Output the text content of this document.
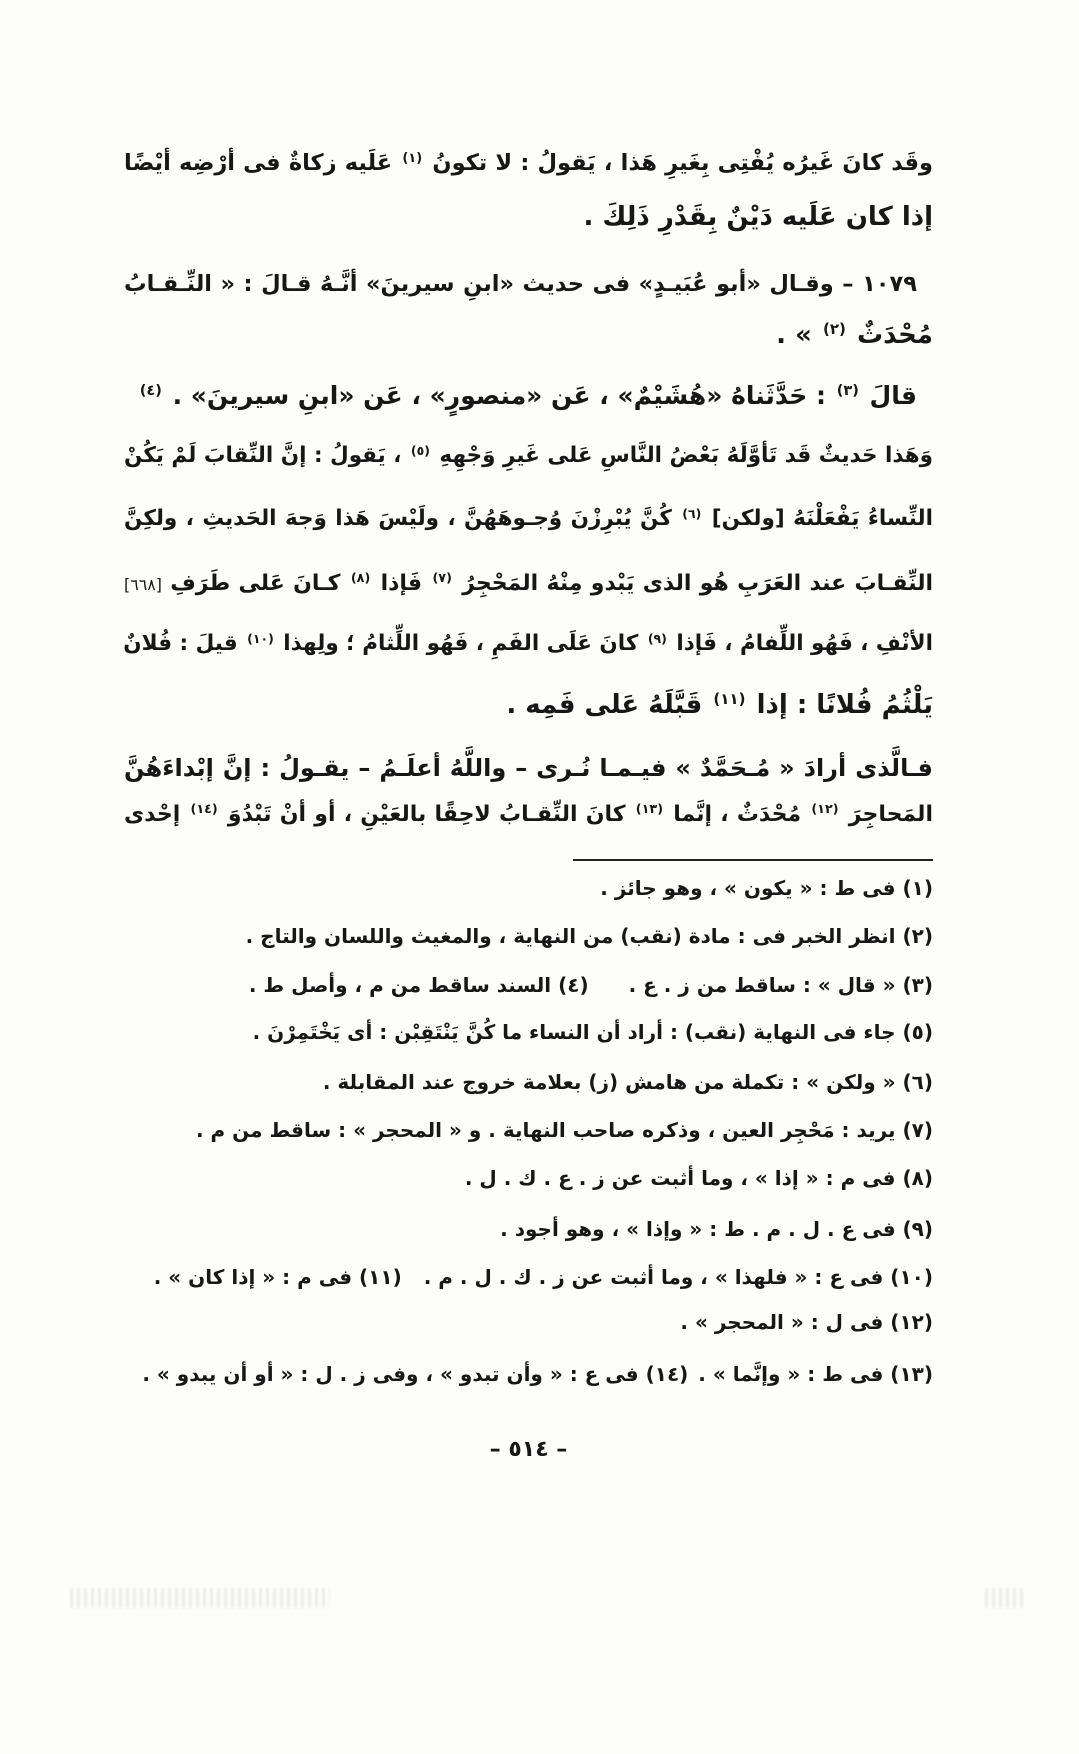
وقَد كانَ غَيرُه يُفْتِى بِغَيرِ هَذا ، يَقولُ : لا تكونُ $^{(١)}$ عَلَيه زكاةٌ فى أرْضِه أيْضًا
إذا كان عَلَيه دَيْنٌ بِقَدْرِ ذَلِكَ .
١٠٧٩ – وقـال «أبو عُبَيـدٍ» فى حديث «ابنِ سيرينَ» أنَّـهُ قـالَ : « النِّـقـابُ
مُحْدَثٌ $^{(٢)}$ » .
قالَ $^{(٣)}$ : حَدَّثَناهُ «هُشَيْمٌ» ، عَن «منصورٍ» ، عَن «ابنِ سيرينَ» . $^{(٤)}$
وَهَذا حَديثٌ قَد تَأوَّلَهُ بَعْضُ النَّاسِ عَلى غَيرِ وَجْهِهِ $^{(٥)}$ ، يَقولُ : إنَّ النِّقابَ لَمْ يَكُنْ
النِّساءُ يَفْعَلْنَهُ [ولكن] $^{(٦)}$ كُنَّ يُبْرِزْنَ وُجـوهَهُنَّ ، ولَيْسَ هَذا وَجهَ الحَديثِ ، ولكِنَّ
النِّقـابَ عند العَرَبِ هُو الذى يَبْدو مِنْهُ المَحْجِرُ $^{(٧)}$ فَإذا $^{(٨)}$ كـانَ عَلى طَرَفِ [٦٦٨]
الأنْفِ ، فَهُو اللِّفامُ ، فَإذا $^{(٩)}$ كانَ عَلَى الفَمِ ، فَهُو اللِّثامُ ؛ ولِهذا $^{(١٠)}$ قيلَ : فُلانٌ
يَلْثُمُ فُلانًا : إذا $^{(١١)}$ قَبَّلَهُ عَلى فَمِه .
فـالَّذى أرادَ « مُـحَمَّدٌ » فيـمـا نُـرى – واللَّهُ أعلَـمُ – يقـولُ : إنَّ إبْداءَهُنَّ
المَحاجِرَ $^{(١٢)}$ مُحْدَثٌ ، إنَّما $^{(١٣)}$ كانَ النِّقـابُ لاحِقًا بالعَيْنِ ، أو أنْ تَبْدُوَ $^{(١٤)}$ إحْدى
(١) فى ط : « يكون » ، وهو جائز .
(٢) انظر الخبر فى : مادة (نقب) من النهاية ، والمغيث واللسان والتاج .
(٣) « قال » : ساقط من ز . ع .
(٤) السند ساقط من م ، وأصل ط .
(٥) جاء فى النهاية (نقب) : أراد أن النساء ما كُنَّ يَنْتَقِبْن : أى يَخْتَمِرْنَ .
(٦) « ولكن » : تكملة من هامش (ز) بعلامة خروج عند المقابلة .
(٧) يريد : مَحْجِر العين ، وذكره صاحب النهاية . و « المحجر » : ساقط من م .
(٨) فى م : « إذا » ، وما أثبت عن ز . ع . ك . ل .
(٩) فى ع . ل . م . ط : « وإذا » ، وهو أجود .
(١٠) فى ع : « فلهذا » ، وما أثبت عن ز . ك . ل . م .
(١١) فى م : « إذا كان » .
(١٢) فى ل : « المحجر » .
(١٣) فى ط : « وإنَّما » .
(١٤) فى ع : « وأن تبدو » ، وفى ز . ل : « أو أن يبدو » .
– ٥١٤ –
